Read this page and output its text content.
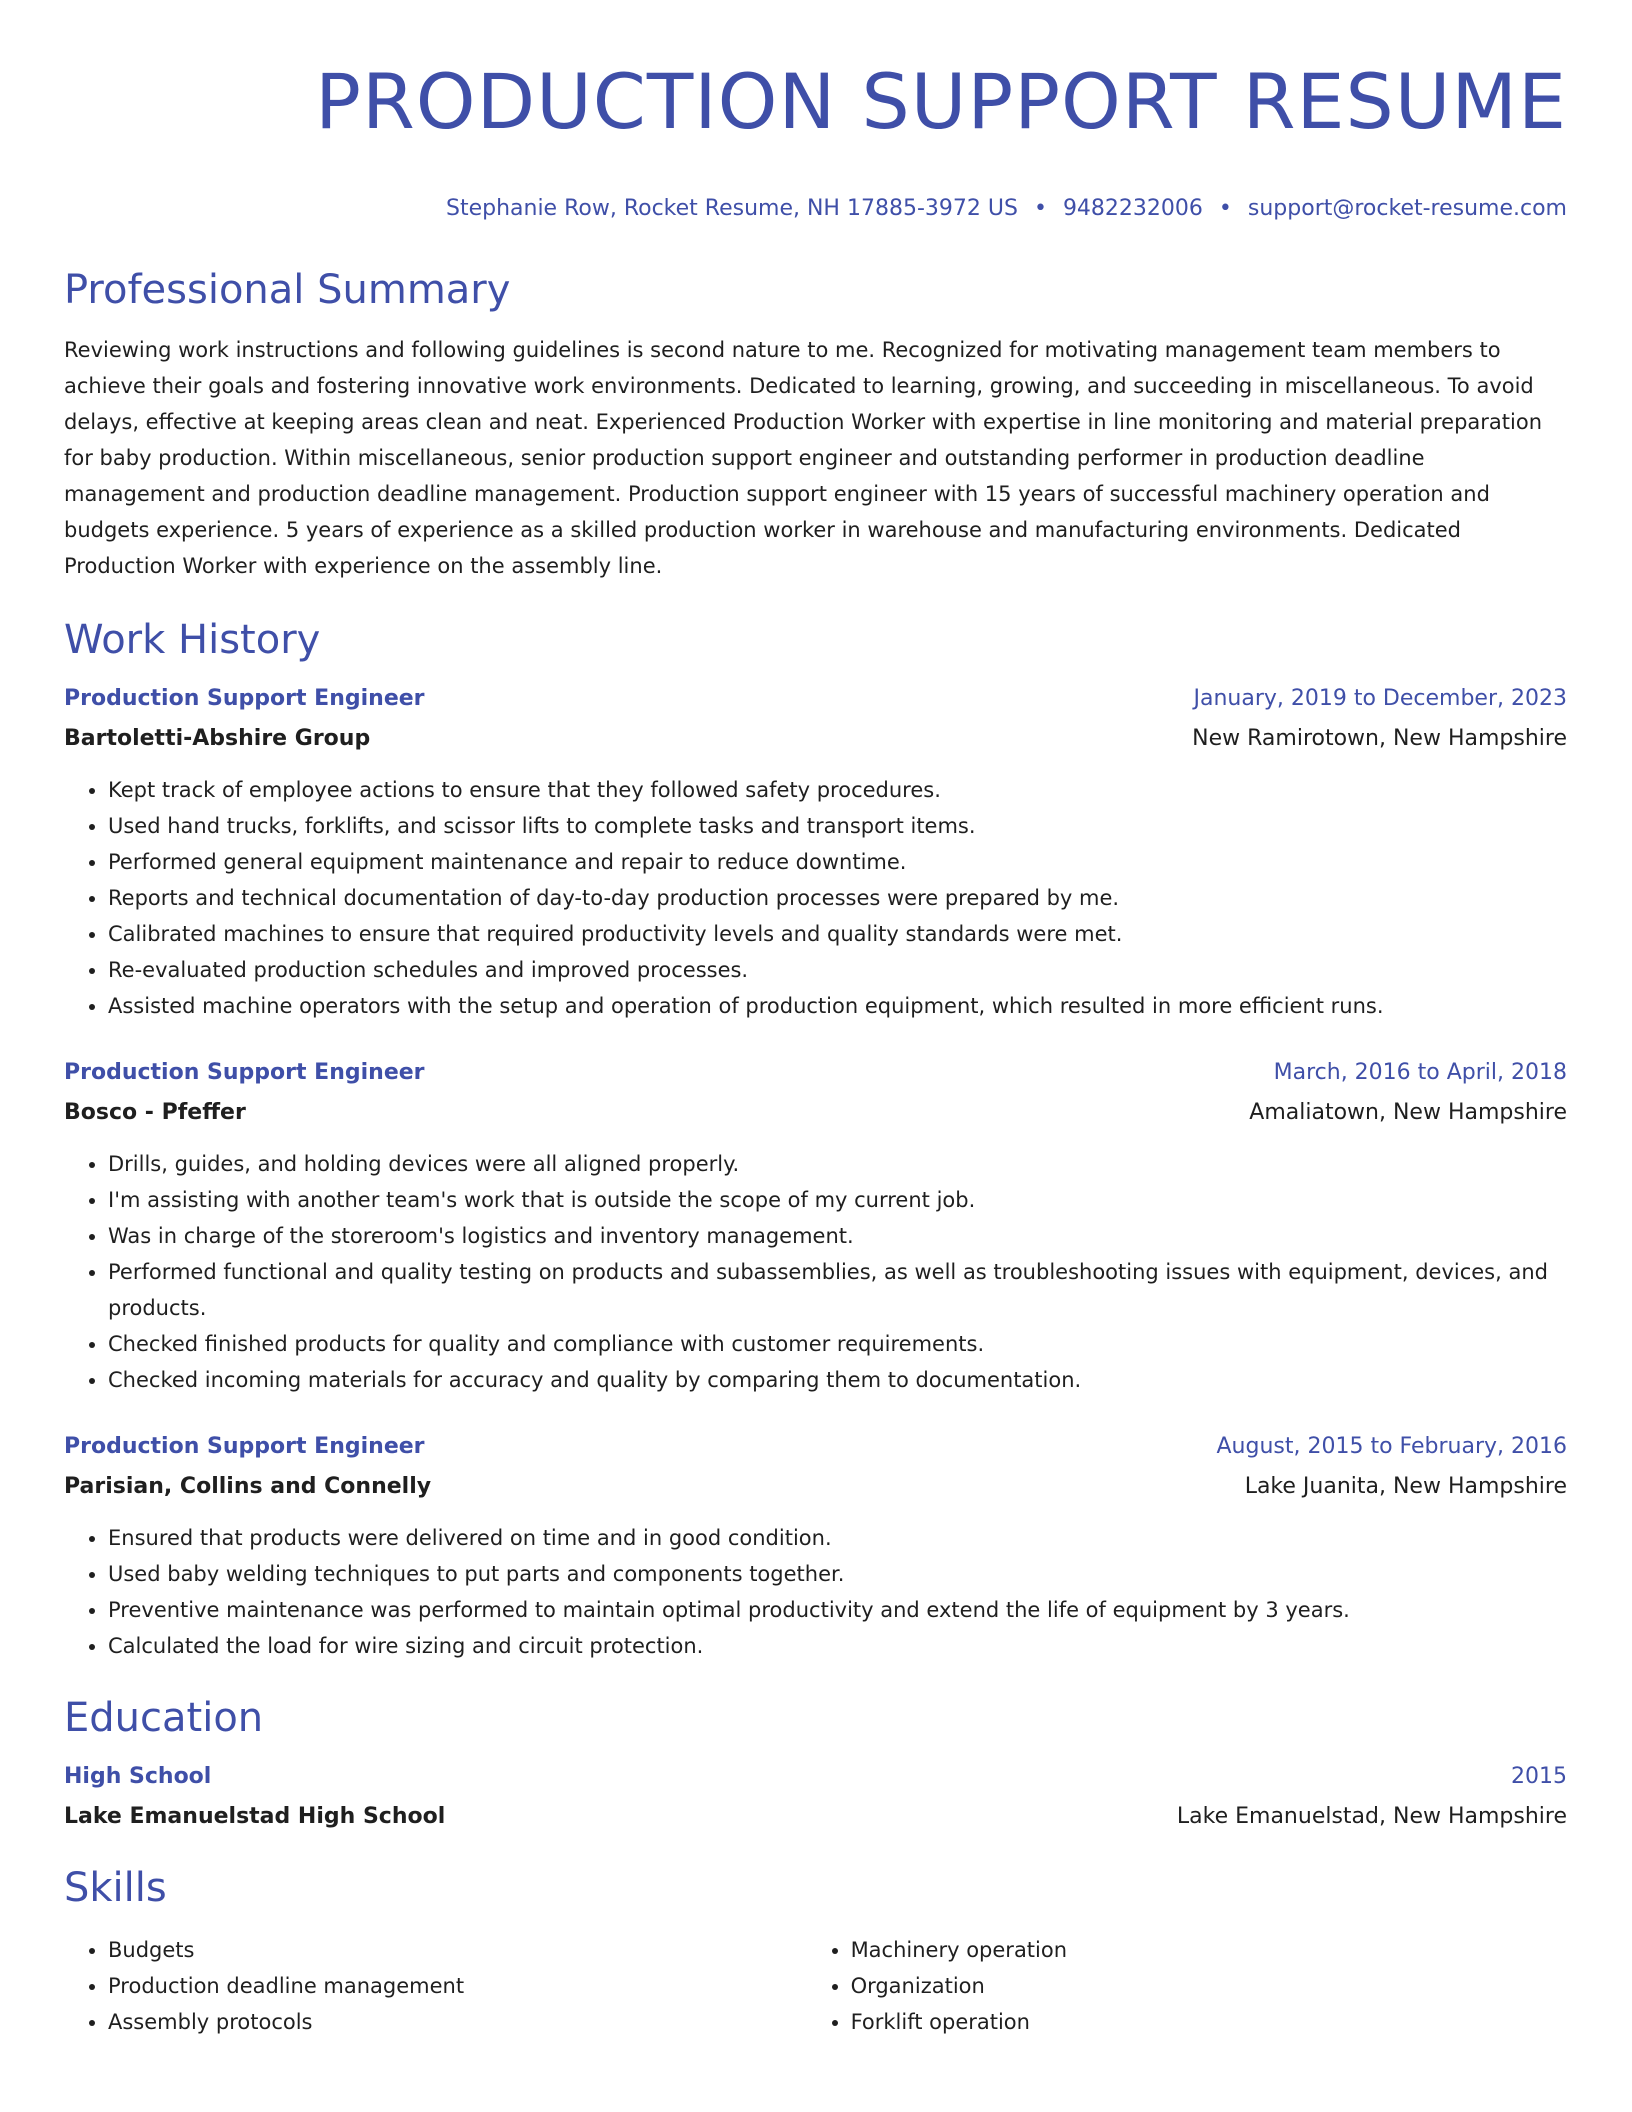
PRODUCTION SUPPORT RESUME
Stephanie Row, Rocket Resume, NH 17885-3972 US • 9482232006 • support@rocket-resume.com
Professional Summary

Reviewing work instructions and following guidelines is second nature to me. Recognized for motivating management team members to achieve their goals and fostering innovative work environments. Dedicated to learning, growing, and succeeding in miscellaneous. To avoid delays, effective at keeping areas clean and neat. Experienced Production Worker with expertise in line monitoring and material preparation for baby production. Within miscellaneous, senior production support engineer and outstanding performer in production deadline management and production deadline management. Production support engineer with 15 years of successful machinery operation and budgets experience. 5 years of experience as a skilled production worker in warehouse and manufacturing environments. Dedicated Production Worker with experience on the assembly line.

Work History
Production Support Engineer	January, 2019 to December, 2023
Bartoletti-Abshire Group	New Ramirotown, New Hampshire
• Kept track of employee actions to ensure that they followed safety procedures.
• Used hand trucks, forklifts, and scissor lifts to complete tasks and transport items.
• Performed general equipment maintenance and repair to reduce downtime.
• Reports and technical documentation of day-to-day production processes were prepared by me.
• Calibrated machines to ensure that required productivity levels and quality standards were met.
• Re-evaluated production schedules and improved processes.
• Assisted machine operators with the setup and operation of production equipment, which resulted in more efficient runs.
Production Support Engineer	March, 2016 to April, 2018
Bosco - Pfeffer	Amaliatown, New Hampshire
• Drills, guides, and holding devices were all aligned properly.
• I'm assisting with another team's work that is outside the scope of my current job.
• Was in charge of the storeroom's logistics and inventory management.
• Performed functional and quality testing on products and subassemblies, as well as troubleshooting issues with equipment, devices, and products.
• Checked finished products for quality and compliance with customer requirements.
• Checked incoming materials for accuracy and quality by comparing them to documentation.
Production Support Engineer	August, 2015 to February, 2016
Parisian, Collins and Connelly	Lake Juanita, New Hampshire
• Ensured that products were delivered on time and in good condition.
• Used baby welding techniques to put parts and components together.
• Preventive maintenance was performed to maintain optimal productivity and extend the life of equipment by 3 years.
• Calculated the load for wire sizing and circuit protection.
Education
High School	2015
Lake Emanuelstad High School	Lake Emanuelstad, New Hampshire
Skills
• Budgets
• Production deadline management
• Assembly protocols
• Machinery operation
• Organization
• Forklift operation
